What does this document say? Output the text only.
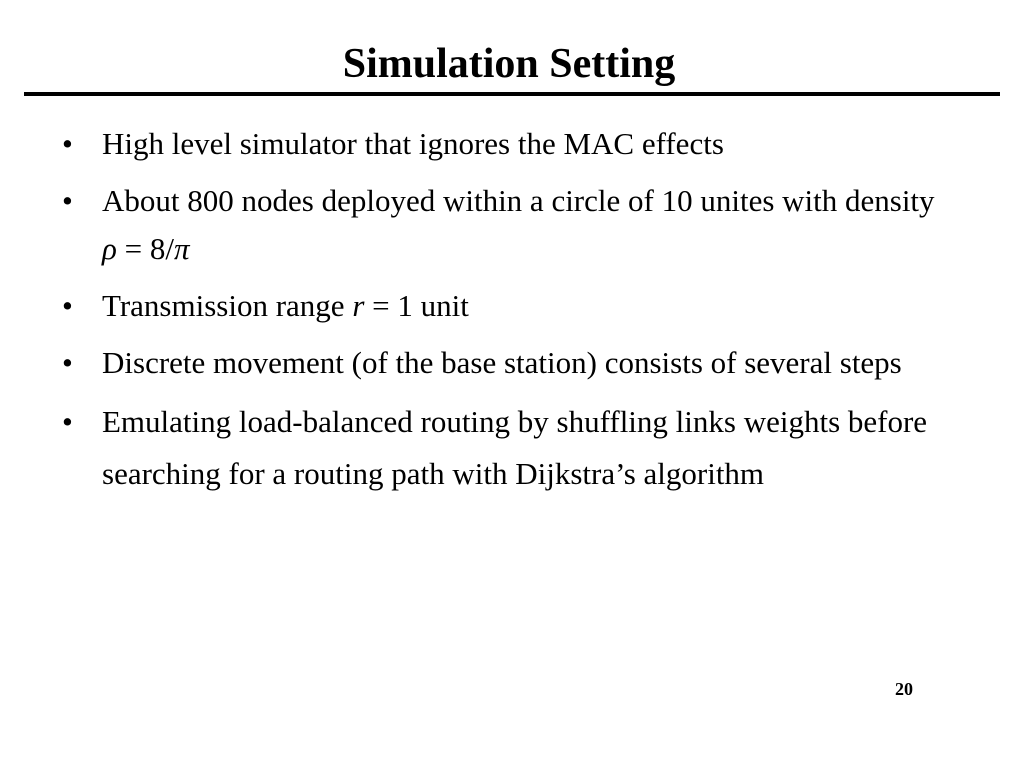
Simulation Setting
• High level simulator that ignores the MAC effects
• About 800 nodes deployed within a circle of 10 unites with density ρ = 8/π
• Transmission range r = 1 unit
• Discrete movement (of the base station) consists of several steps
• Emulating load-balanced routing by shuffling links weights before searching for a routing path with Dijkstra’s algorithm
20
